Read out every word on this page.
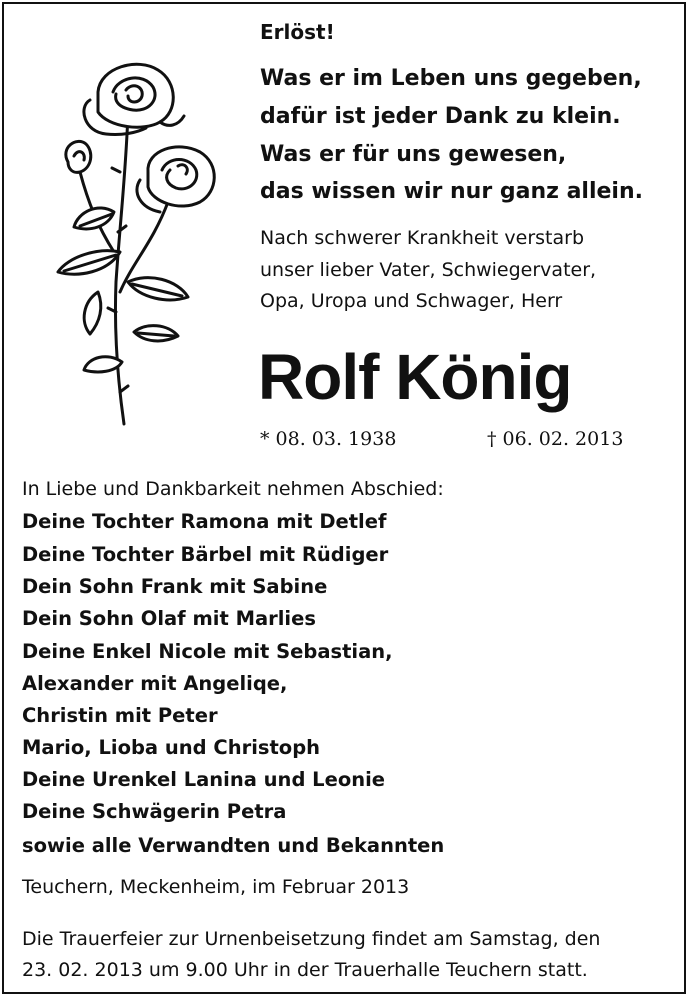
Erlöst!
Was er im Leben uns gegeben,
dafür ist jeder Dank zu klein.
Was er für uns gewesen,
das wissen wir nur ganz allein.
Nach schwerer Krankheit verstarb
unser lieber Vater, Schwiegervater,
Opa, Uropa und Schwager, Herr
Rolf König
* 08. 03. 1938	† 06. 02. 2013
In Liebe und Dankbarkeit nehmen Abschied:
Deine Tochter Ramona mit Detlef
Deine Tochter Bärbel mit Rüdiger
Dein Sohn Frank mit Sabine
Dein Sohn Olaf mit Marlies
Deine Enkel Nicole mit Sebastian,
Alexander mit Angeliqe,
Christin mit Peter
Mario, Lioba und Christoph
Deine Urenkel Lanina und Leonie
Deine Schwägerin Petra
sowie alle Verwandten und Bekannten
Teuchern, Meckenheim, im Februar 2013
Die Trauerfeier zur Urnenbeisetzung findet am Samstag, den
23. 02. 2013 um 9.00 Uhr in der Trauerhalle Teuchern statt.
